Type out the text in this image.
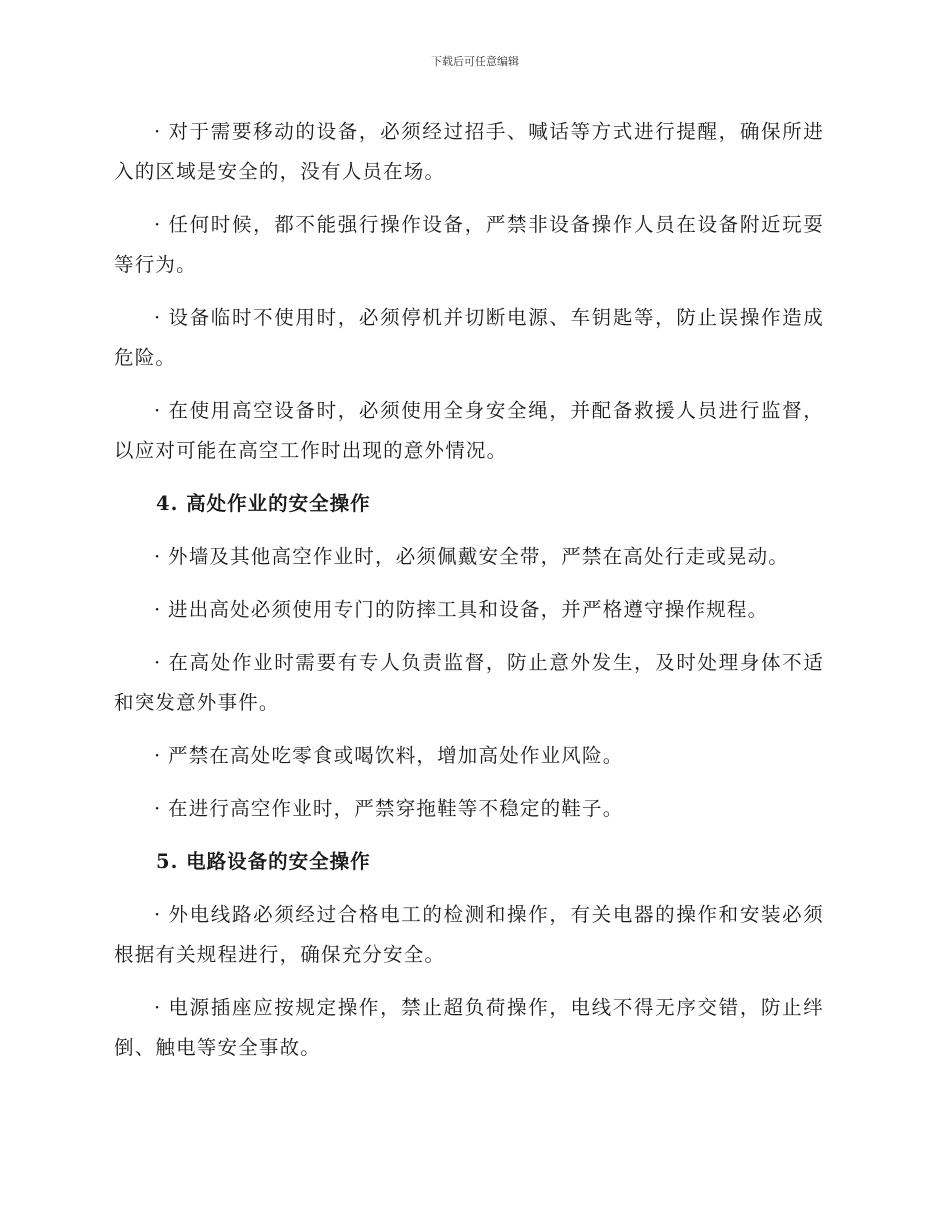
下载后可任意编辑

· 对于需要移动的设备，必须经过招手、喊话等方式进行提醒，确保所进入的区域是安全的，没有人员在场。

· 任何时候，都不能强行操作设备，严禁非设备操作人员在设备附近玩耍等行为。

· 设备临时不使用时，必须停机并切断电源、车钥匙等，防止误操作造成危险。

· 在使用高空设备时，必须使用全身安全绳，并配备救援人员进行监督，以应对可能在高空工作时出现的意外情况。

4. 高处作业的安全操作

· 外墙及其他高空作业时，必须佩戴安全带，严禁在高处行走或晃动。

· 进出高处必须使用专门的防摔工具和设备，并严格遵守操作规程。

· 在高处作业时需要有专人负责监督，防止意外发生，及时处理身体不适和突发意外事件。

· 严禁在高处吃零食或喝饮料，增加高处作业风险。

· 在进行高空作业时，严禁穿拖鞋等不稳定的鞋子。

5. 电路设备的安全操作

· 外电线路必须经过合格电工的检测和操作，有关电器的操作和安装必须根据有关规程进行，确保充分安全。

· 电源插座应按规定操作，禁止超负荷操作，电线不得无序交错，防止绊倒、触电等安全事故。
